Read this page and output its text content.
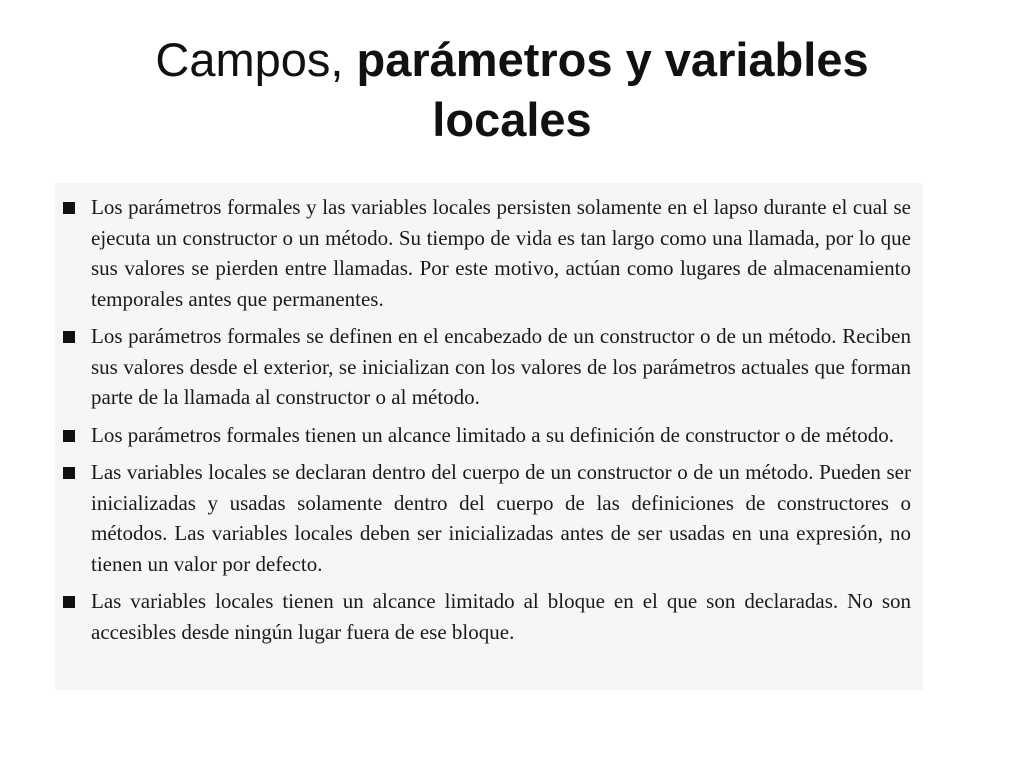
Campos, parámetros y variables
locales
Los parámetros formales y las variables locales persisten solamente en el lapso durante el cual se ejecuta un constructor o un método. Su tiempo de vida es tan largo como una llamada, por lo que sus valores se pierden entre llamadas. Por este motivo, actúan como lugares de almacenamiento temporales antes que permanentes.
Los parámetros formales se definen en el encabezado de un constructor o de un método. Reciben sus valores desde el exterior, se inicializan con los valores de los parámetros actuales que forman parte de la llamada al constructor o al método.
Los parámetros formales tienen un alcance limitado a su definición de constructor o de método.
Las variables locales se declaran dentro del cuerpo de un constructor o de un método. Pueden ser inicializadas y usadas solamente dentro del cuerpo de las definiciones de constructores o métodos. Las variables locales deben ser inicializadas antes de ser usadas en una expresión, no tienen un valor por defecto.
Las variables locales tienen un alcance limitado al bloque en el que son declaradas. No son accesibles desde ningún lugar fuera de ese bloque.
